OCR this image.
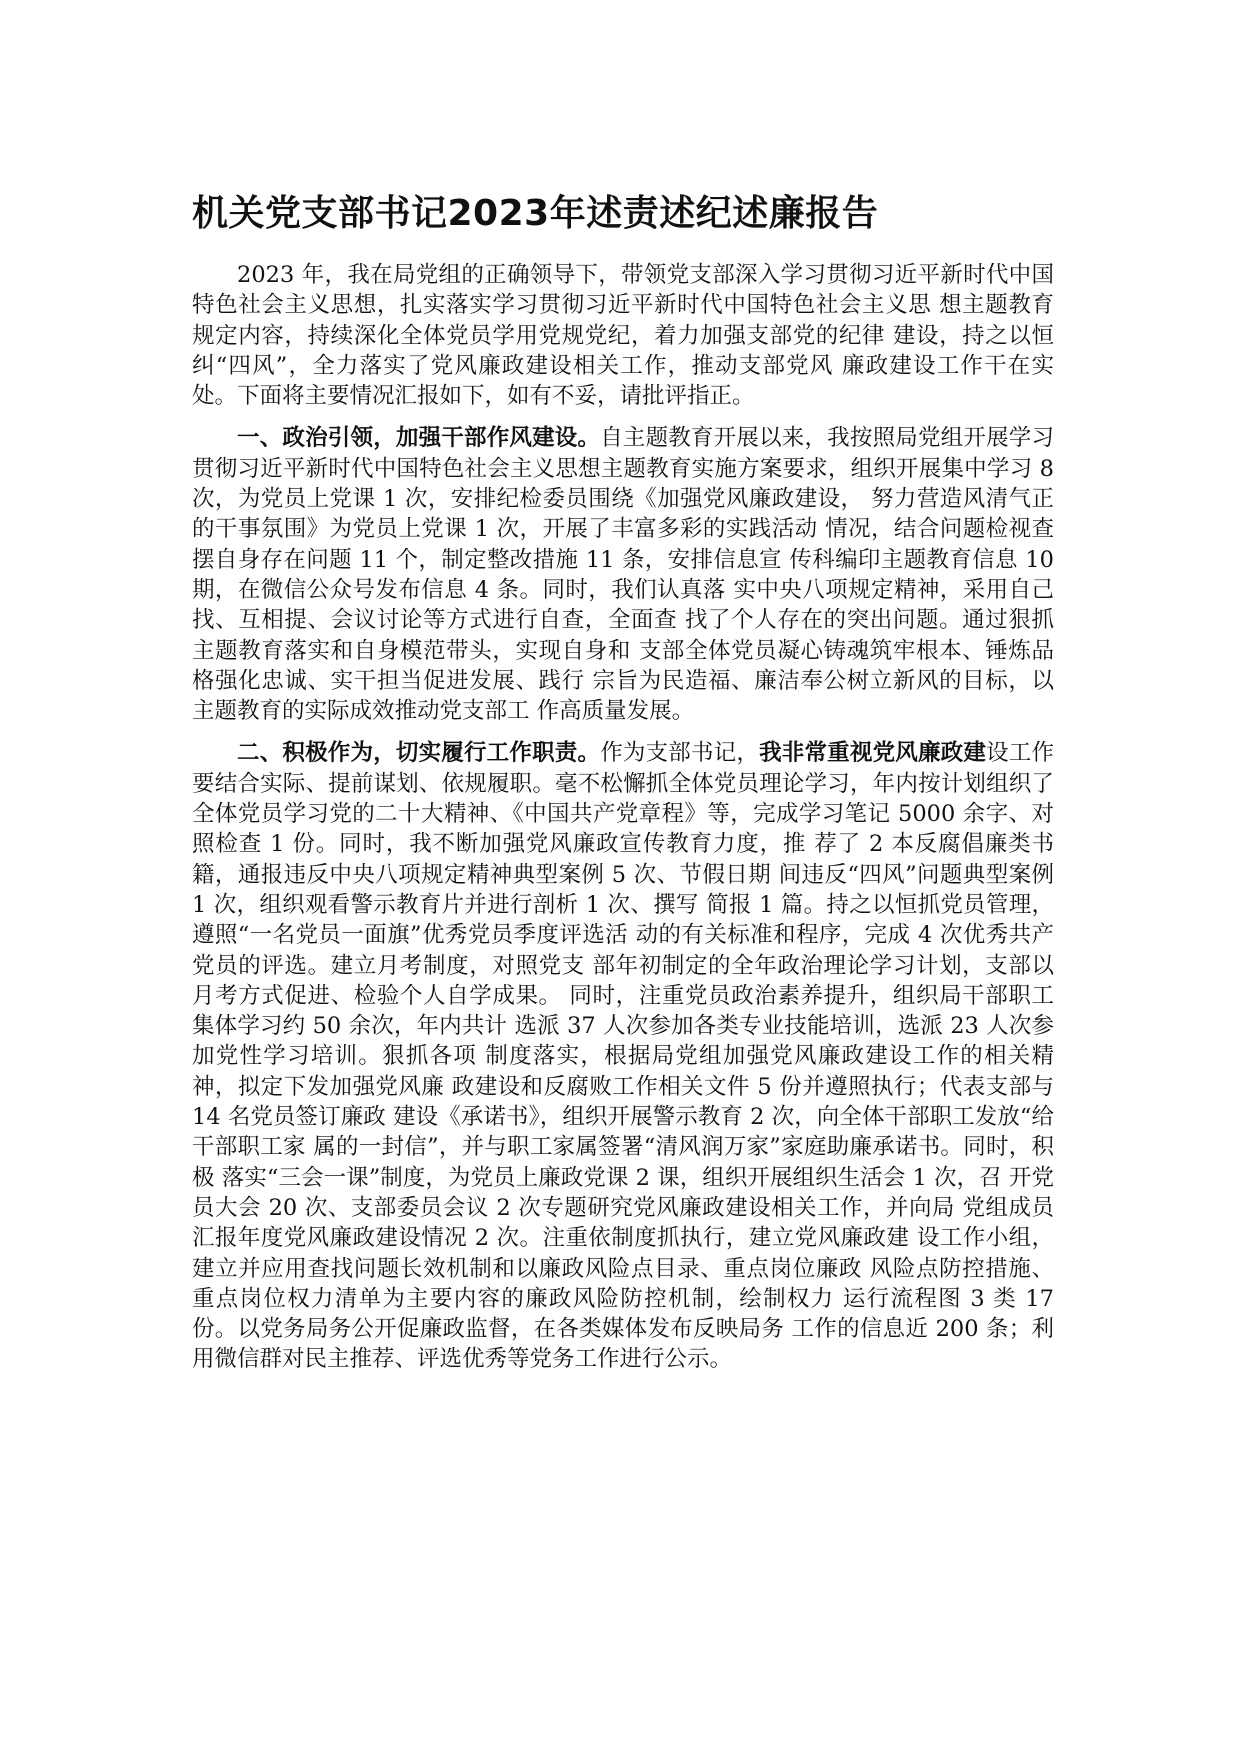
机关党支部书记2023年述责述纪述廉报告

2023 年，我在局党组的正确领导下，带领党支部深入学习贯彻习近平新时代中国特色社会主义思想，扎实落实学习贯彻习近平新时代中国特色社会主义思 想主题教育规定内容，持续深化全体党员学用党规党纪，着力加强支部党的纪律 建设，持之以恒纠“四风”，全力落实了党风廉政建设相关工作，推动支部党风 廉政建设工作干在实处。下面将主要情况汇报如下，如有不妥，请批评指正。

一、政治引领，加强干部作风建设。自主题教育开展以来，我按照局党组开展学习贯彻习近平新时代中国特色社会主义思想主题教育实施方案要求，组织开展集中学习 8 次，为党员上党课 1 次，安排纪检委员围绕《加强党风廉政建设， 努力营造风清气正的干事氛围》为党员上党课 1 次，开展了丰富多彩的实践活动 情况，结合问题检视查摆自身存在问题 11 个，制定整改措施 11 条，安排信息宣 传科编印主题教育信息 10 期，在微信公众号发布信息 4 条。同时，我们认真落 实中央八项规定精神，采用自己找、互相提、会议讨论等方式进行自查，全面查 找了个人存在的突出问题。通过狠抓主题教育落实和自身模范带头，实现自身和 支部全体党员凝心铸魂筑牢根本、锤炼品格强化忠诚、实干担当促进发展、践行 宗旨为民造福、廉洁奉公树立新风的目标，以主题教育的实际成效推动党支部工 作高质量发展。

二、积极作为，切实履行工作职责。作为支部书记，我非常重视党风廉政建设工作要结合实际、提前谋划、依规履职。毫不松懈抓全体党员理论学习，年内按计划组织了全体党员学习党的二十大精神、《中国共产党章程》等，完成学习笔记 5000 余字、对照检查 1 份。同时，我不断加强党风廉政宣传教育力度，推 荐了 2 本反腐倡廉类书籍，通报违反中央八项规定精神典型案例 5 次、节假日期 间违反“四风”问题典型案例 1 次，组织观看警示教育片并进行剖析 1 次、撰写 简报 1 篇。持之以恒抓党员管理，遵照“一名党员一面旗”优秀党员季度评选活 动的有关标准和程序，完成 4 次优秀共产党员的评选。建立月考制度，对照党支 部年初制定的全年政治理论学习计划，支部以月考方式促进、检验个人自学成果。 同时，注重党员政治素养提升，组织局干部职工集体学习约 50 余次，年内共计 选派 37 人次参加各类专业技能培训，选派 23 人次参加党性学习培训。狠抓各项 制度落实，根据局党组加强党风廉政建设工作的相关精神，拟定下发加强党风廉 政建设和反腐败工作相关文件 5 份并遵照执行；代表支部与 14 名党员签订廉政 建设《承诺书》，组织开展警示教育 2 次，向全体干部职工发放“给干部职工家 属的一封信”，并与职工家属签署“清风润万家”家庭助廉承诺书。同时，积极 落实“三会一课”制度，为党员上廉政党课 2 课，组织开展组织生活会 1 次，召 开党员大会 20 次、支部委员会议 2 次专题研究党风廉政建设相关工作，并向局 党组成员汇报年度党风廉政建设情况 2 次。注重依制度抓执行，建立党风廉政建 设工作小组，建立并应用查找问题长效机制和以廉政风险点目录、重点岗位廉政 风险点防控措施、重点岗位权力清单为主要内容的廉政风险防控机制，绘制权力 运行流程图 3 类 17 份。以党务局务公开促廉政监督，在各类媒体发布反映局务 工作的信息近 200 条；利用微信群对民主推荐、评选优秀等党务工作进行公示。
